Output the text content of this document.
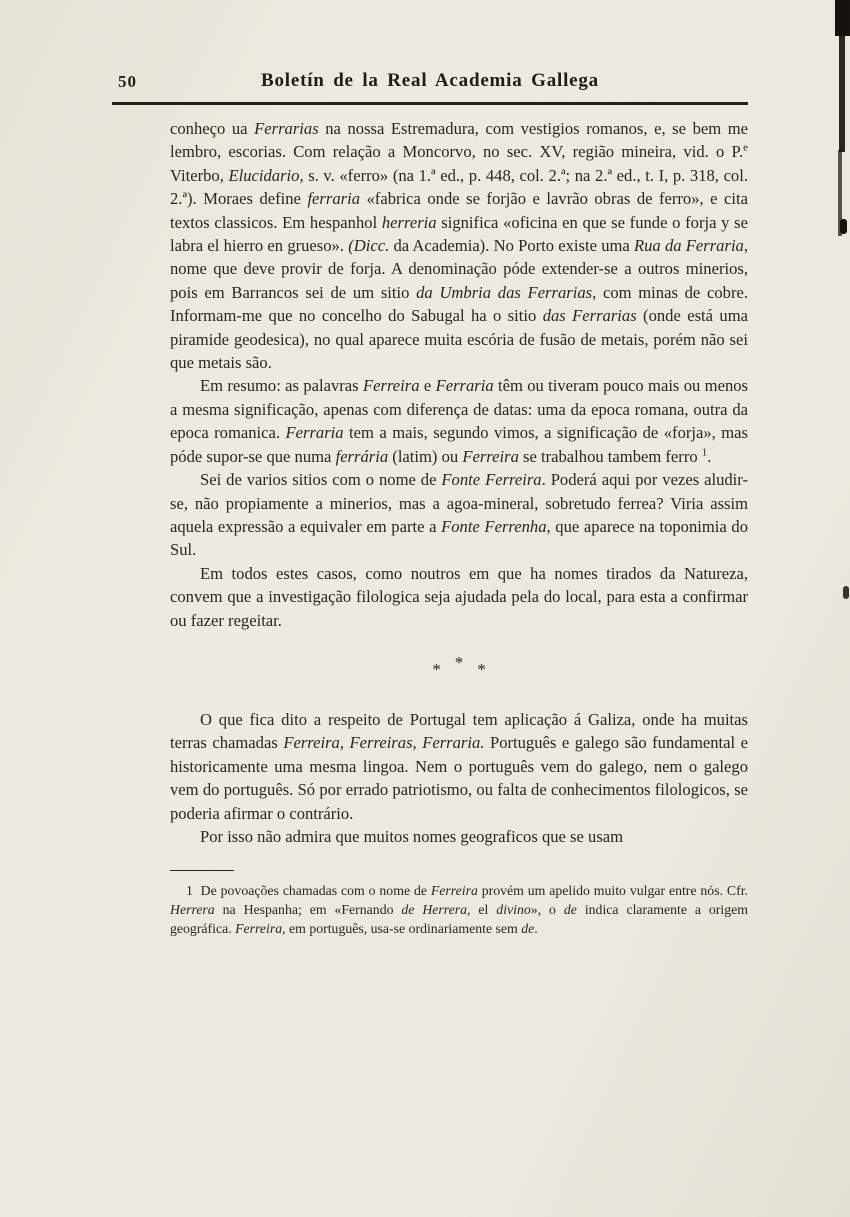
50	Boletín de la Real Academia Gallega

conheço ua Ferrarias na nossa Estremadura, com vestigios romanos, e, se bem me lembro, escorias. Com relação a Moncorvo, no sec. XV, região mineira, vid. o P.$^e$ Viterbo, Elucidario, s. v. «ferro» (na 1.ª ed., p. 448, col. 2.ª; na 2.ª ed., t. I, p. 318, col. 2.ª). Moraes define ferraria «fabrica onde se forjão e lavrão obras de ferro», e cita textos classicos. Em hespanhol herreria significa «oficina en que se funde o forja y se labra el hierro en grueso». (Dicc. da Academia). No Porto existe uma Rua da Ferraria, nome que deve provir de forja. A denominação póde extender-se a outros minerios, pois em Barrancos sei de um sitio da Umbria das Ferrarias, com minas de cobre. Informam-me que no concelho do Sabugal ha o sitio das Ferrarias (onde está uma piramide geodesica), no qual aparece muita escória de fusão de metais, porém não sei que metais são.

Em resumo: as palavras Ferreira e Ferraria têm ou tiveram pouco mais ou menos a mesma significação, apenas com diferença de datas: uma da epoca romana, outra da epoca romanica. Ferraria tem a mais, segundo vimos, a significação de «forja», mas póde supor-se que numa ferrária (latim) ou Ferreira se trabalhou tambem ferro $^1$.

Sei de varios sitios com o nome de Fonte Ferreira. Poderá aqui por vezes aludir-se, não propiamente a minerios, mas a agoa-mineral, sobretudo ferrea? Viria assim aquela expressão a equivaler em parte a Fonte Ferrenha, que aparece na toponimia do Sul.

Em todos estes casos, como noutros em que ha nomes tirados da Natureza, convem que a investigação filologica seja ajudada pela do local, para esta a confirmar ou fazer regeitar.

* * *

O que fica dito a respeito de Portugal tem aplicação á Galiza, onde ha muitas terras chamadas Ferreira, Ferreiras, Ferraria. Português e galego são fundamental e historicamente uma mesma lingoa. Nem o português vem do galego, nem o galego vem do português. Só por errado patriotismo, ou falta de conhecimentos filologicos, se poderia afirmar o contrário.

Por isso não admira que muitos nomes geograficos que se usam

1  De povoações chamadas com o nome de Ferreira provém um apelido muito vulgar entre nós. Cfr. Herrera na Hespanha; em «Fernando de Herrera, el divino», o de indica claramente a origem geográfica. Ferreira, em português, usa-se ordinariamente sem de.
